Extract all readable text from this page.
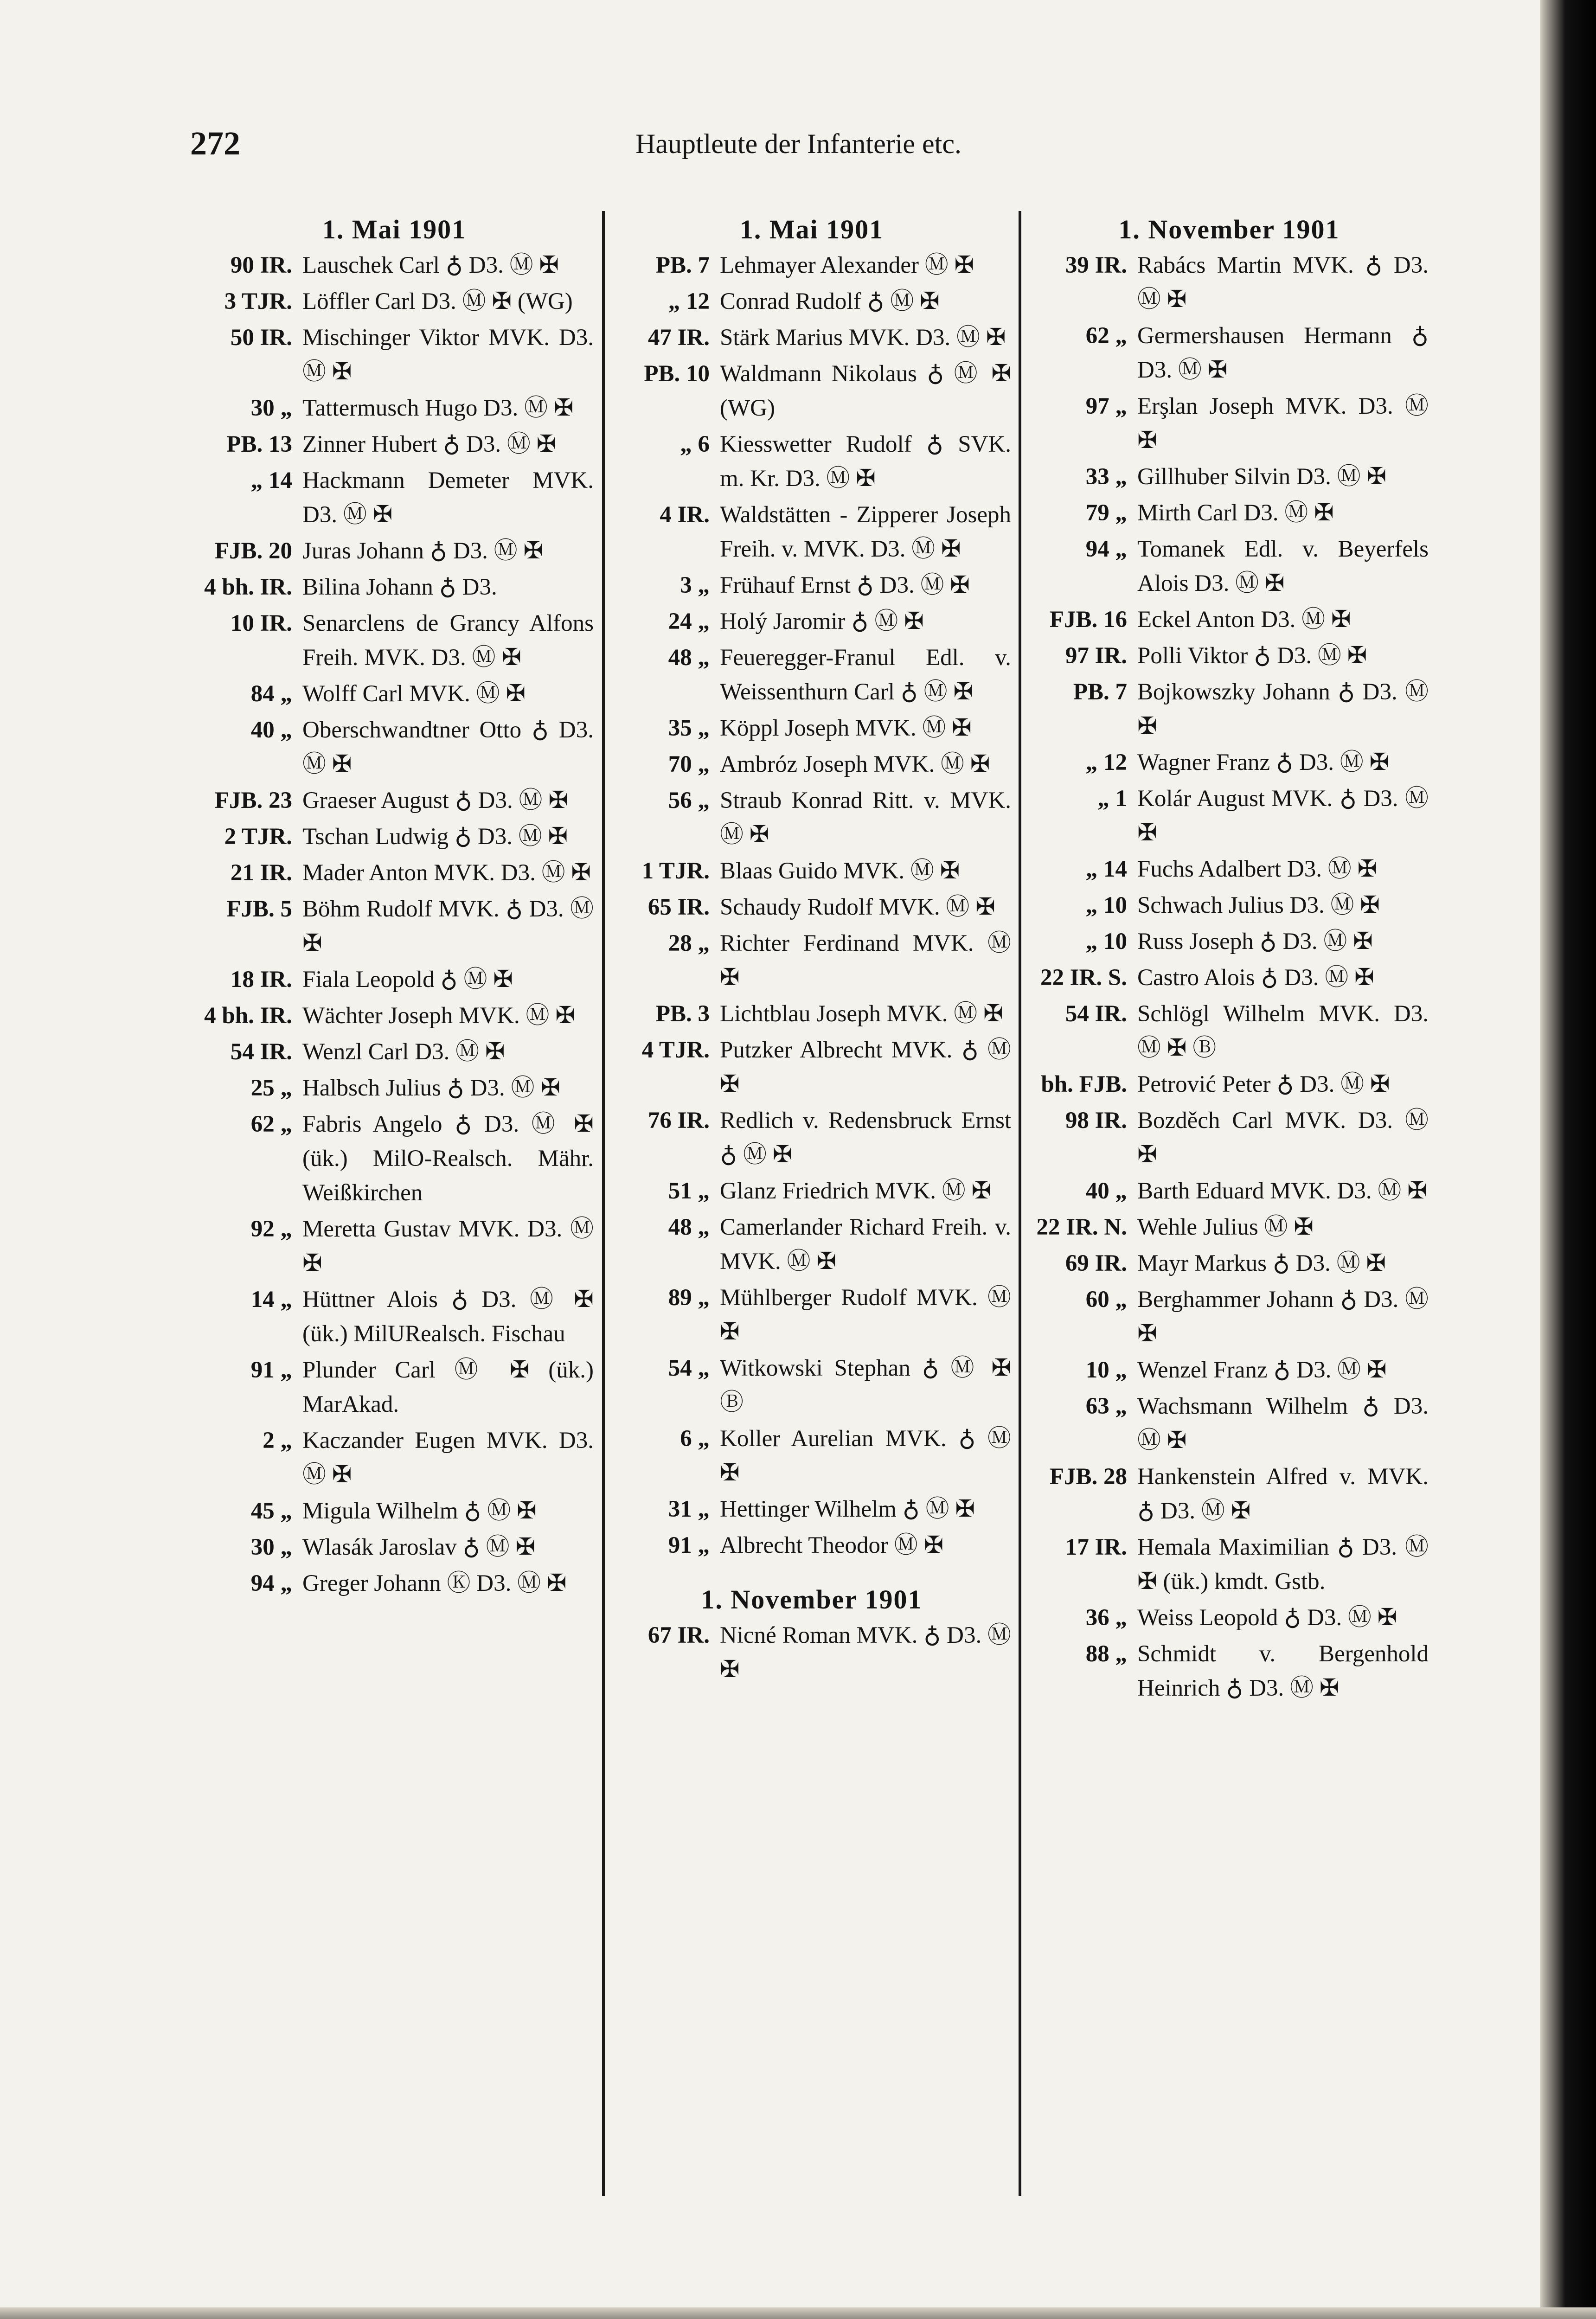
272	Hauptleute der Infanterie etc.
1. Mai 1901
90 IR. Lauschek Carl ♁ D3. Ⓜ ✠
3 TJR. Löffler Carl D3. Ⓜ ✠ (WG)
50 IR. Mischinger Viktor MVK. D3. Ⓜ ✠
30 „ Tattermusch Hugo D3. Ⓜ ✠
PB. 13 Zinner Hubert ♁ D3. Ⓜ ✠
„ 14 Hackmann Demeter MVK. D3. Ⓜ ✠
FJB. 20 Juras Johann ♁ D3. Ⓜ ✠
4 bh. IR. Bilina Johann ♁ D3.
10 IR. Senarclens de Grancy Alfons Freih. MVK. D3. Ⓜ ✠
84 „ Wolff Carl MVK. Ⓜ ✠
40 „ Oberschwandtner Otto ♁ D3. Ⓜ ✠
FJB. 23 Graeser August ♁ D3. Ⓜ ✠
2 TJR. Tschan Ludwig ♁ D3. Ⓜ ✠
21 IR. Mader Anton MVK. D3. Ⓜ ✠
FJB. 5 Böhm Rudolf MVK. ♁ D3. Ⓜ ✠
18 IR. Fiala Leopold ♁ Ⓜ ✠
4 bh. IR. Wächter Joseph MVK. Ⓜ ✠
54 IR. Wenzl Carl D3. Ⓜ ✠
25 „ Halbsch Julius ♁ D3. Ⓜ ✠
62 „ Fabris Angelo ♁ D3. Ⓜ ✠ (ük.) MilO-Realsch. Mähr. Weißkirchen
92 „ Meretta Gustav MVK. D3. Ⓜ ✠
14 „ Hüttner Alois ♁ D3. Ⓜ ✠ (ük.) MilURealsch. Fischau
91 „ Plunder Carl Ⓜ ✠ (ük.) MarAkad.
2 „ Kaczander Eugen MVK. D3. Ⓜ ✠
45 „ Migula Wilhelm ♁ Ⓜ ✠
30 „ Wlasák Jaroslav ♁ Ⓜ ✠
94 „ Greger Johann Ⓚ D3. Ⓜ ✠
1. Mai 1901
PB. 7 Lehmayer Alexander Ⓜ ✠
„ 12 Conrad Rudolf ♁ Ⓜ ✠
47 IR. Stärk Marius MVK. D3. Ⓜ ✠
PB. 10 Waldmann Nikolaus ♁ Ⓜ ✠ (WG)
„ 6 Kiesswetter Rudolf ♁ SVK. m. Kr. D3. Ⓜ ✠
4 IR. Waldstätten - Zipperer Joseph Freih. v. MVK. D3. Ⓜ ✠
3 „ Frühauf Ernst ♁ D3. Ⓜ ✠
24 „ Holý Jaromir ♁ Ⓜ ✠
48 „ Feueregger-Franul Edl. v. Weissenthurn Carl ♁ Ⓜ ✠
35 „ Köppl Joseph MVK. Ⓜ ✠
70 „ Ambróz Joseph MVK. Ⓜ ✠
56 „ Straub Konrad Ritt. v. MVK. Ⓜ ✠
1 TJR. Blaas Guido MVK. Ⓜ ✠
65 IR. Schaudy Rudolf MVK. Ⓜ ✠
28 „ Richter Ferdinand MVK. Ⓜ ✠
PB. 3 Lichtblau Joseph MVK. Ⓜ ✠
4 TJR. Putzker Albrecht MVK. ♁ Ⓜ ✠
76 IR. Redlich v. Redensbruck Ernst ♁ Ⓜ ✠
51 „ Glanz Friedrich MVK. Ⓜ ✠
48 „ Camerlander Richard Freih. v. MVK. Ⓜ ✠
89 „ Mühlberger Rudolf MVK. Ⓜ ✠
54 „ Witkowski Stephan ♁ Ⓜ ✠ Ⓑ
6 „ Koller Aurelian MVK. ♁ Ⓜ ✠
31 „ Hettinger Wilhelm ♁ Ⓜ ✠
91 „ Albrecht Theodor Ⓜ ✠
1. November 1901
67 IR. Nicné Roman MVK. ♁ D3. Ⓜ ✠
1. November 1901
39 IR. Rabács Martin MVK. ♁ D3. Ⓜ ✠
62 „ Germershausen Hermann ♁ D3. Ⓜ ✠
97 „ Erşlan Joseph MVK. D3. Ⓜ ✠
33 „ Gillhuber Silvin D3. Ⓜ ✠
79 „ Mirth Carl D3. Ⓜ ✠
94 „ Tomanek Edl. v. Beyerfels Alois D3. Ⓜ ✠
FJB. 16 Eckel Anton D3. Ⓜ ✠
97 IR. Polli Viktor ♁ D3. Ⓜ ✠
PB. 7 Bojkowszky Johann ♁ D3. Ⓜ ✠
„ 12 Wagner Franz ♁ D3. Ⓜ ✠
„ 1 Kolár August MVK. ♁ D3. Ⓜ ✠
„ 14 Fuchs Adalbert D3. Ⓜ ✠
„ 10 Schwach Julius D3. Ⓜ ✠
„ 10 Russ Joseph ♁ D3. Ⓜ ✠
22 IR. S. Castro Alois ♁ D3. Ⓜ ✠
54 IR. Schlögl Wilhelm MVK. D3. Ⓜ ✠ Ⓑ
bh. FJB. Petrović Peter ♁ D3. Ⓜ ✠
98 IR. Bozděch Carl MVK. D3. Ⓜ ✠
40 „ Barth Eduard MVK. D3. Ⓜ ✠
22 IR. N. Wehle Julius Ⓜ ✠
69 IR. Mayr Markus ♁ D3. Ⓜ ✠
60 „ Berghammer Johann ♁ D3. Ⓜ ✠
10 „ Wenzel Franz ♁ D3. Ⓜ ✠
63 „ Wachsmann Wilhelm ♁ D3. Ⓜ ✠
FJB. 28 Hankenstein Alfred v. MVK. ♁ D3. Ⓜ ✠
17 IR. Hemala Maximilian ♁ D3. Ⓜ ✠ (ük.) kmdt. Gstb.
36 „ Weiss Leopold ♁ D3. Ⓜ ✠
88 „ Schmidt v. Bergenhold Heinrich ♁ D3. Ⓜ ✠
